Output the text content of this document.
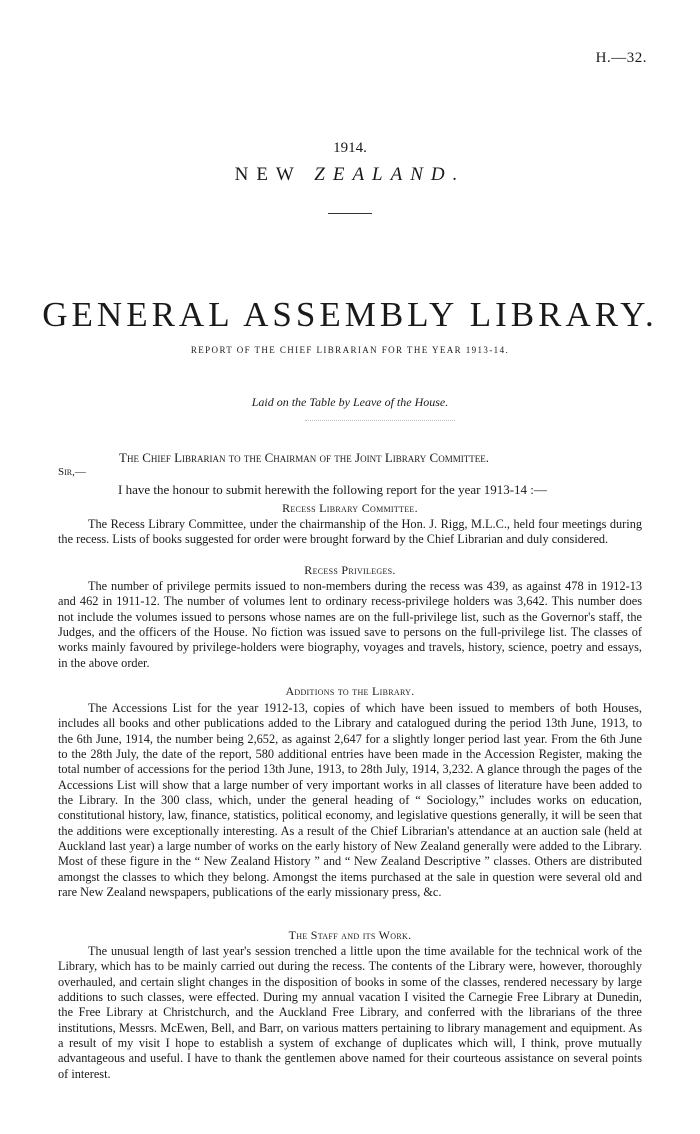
H.—32.
1914.
NEW ZEALAND.
GENERAL ASSEMBLY LIBRARY.
REPORT OF THE CHIEF LIBRARIAN FOR THE YEAR 1913-14.
Laid on the Table by Leave of the House.
The Chief Librarian to the Chairman of the Joint Library Committee.
Sir,—
I have the honour to submit herewith the following report for the year 1913-14 :—
Recess Library Committee.

The Recess Library Committee, under the chairmanship of the Hon. J. Rigg, M.L.C., held four meetings during the recess. Lists of books suggested for order were brought forward by the Chief Librarian and duly considered.

Recess Privileges.

The number of privilege permits issued to non-members during the recess was 439, as against 478 in 1912-13 and 462 in 1911-12. The number of volumes lent to ordinary recess-privilege holders was 3,642. This number does not include the volumes issued to persons whose names are on the full-privilege list, such as the Governor's staff, the Judges, and the officers of the House. No fiction was issued save to persons on the full-privilege list. The classes of works mainly favoured by privilege-holders were biography, voyages and travels, history, science, poetry and essays, in the above order.

Additions to the Library.

The Accessions List for the year 1912-13, copies of which have been issued to members of both Houses, includes all books and other publications added to the Library and catalogued during the period 13th June, 1913, to the 6th June, 1914, the number being 2,652, as against 2,647 for a slightly longer period last year. From the 6th June to the 28th July, the date of the report, 580 additional entries have been made in the Accession Register, making the total number of accessions for the period 13th June, 1913, to 28th July, 1914, 3,232. A glance through the pages of the Accessions List will show that a large number of very important works in all classes of literature have been added to the Library. In the 300 class, which, under the general heading of “ Sociology,” includes works on education, constitutional history, law, finance, statistics, political economy, and legislative questions generally, it will be seen that the additions were exceptionally interesting. As a result of the Chief Librarian's attendance at an auction sale (held at Auckland last year) a large number of works on the early history of New Zealand generally were added to the Library. Most of these figure in the “ New Zealand History ” and “ New Zealand Descriptive ” classes. Others are distributed amongst the classes to which they belong. Amongst the items purchased at the sale in question were several old and rare New Zealand newspapers, publications of the early missionary press, &c.

The Staff and its Work.

The unusual length of last year's session trenched a little upon the time available for the technical work of the Library, which has to be mainly carried out during the recess. The contents of the Library were, however, thoroughly overhauled, and certain slight changes in the disposition of books in some of the classes, rendered necessary by large additions to such classes, were effected. During my annual vacation I visited the Carnegie Free Library at Dunedin, the Free Library at Christchurch, and the Auckland Free Library, and conferred with the librarians of the three institutions, Messrs. McEwen, Bell, and Barr, on various matters pertaining to library management and equipment. As a result of my visit I hope to establish a system of exchange of duplicates which will, I think, prove mutually advantageous and useful. I have to thank the gentlemen above named for their courteous assistance on several points of interest.
